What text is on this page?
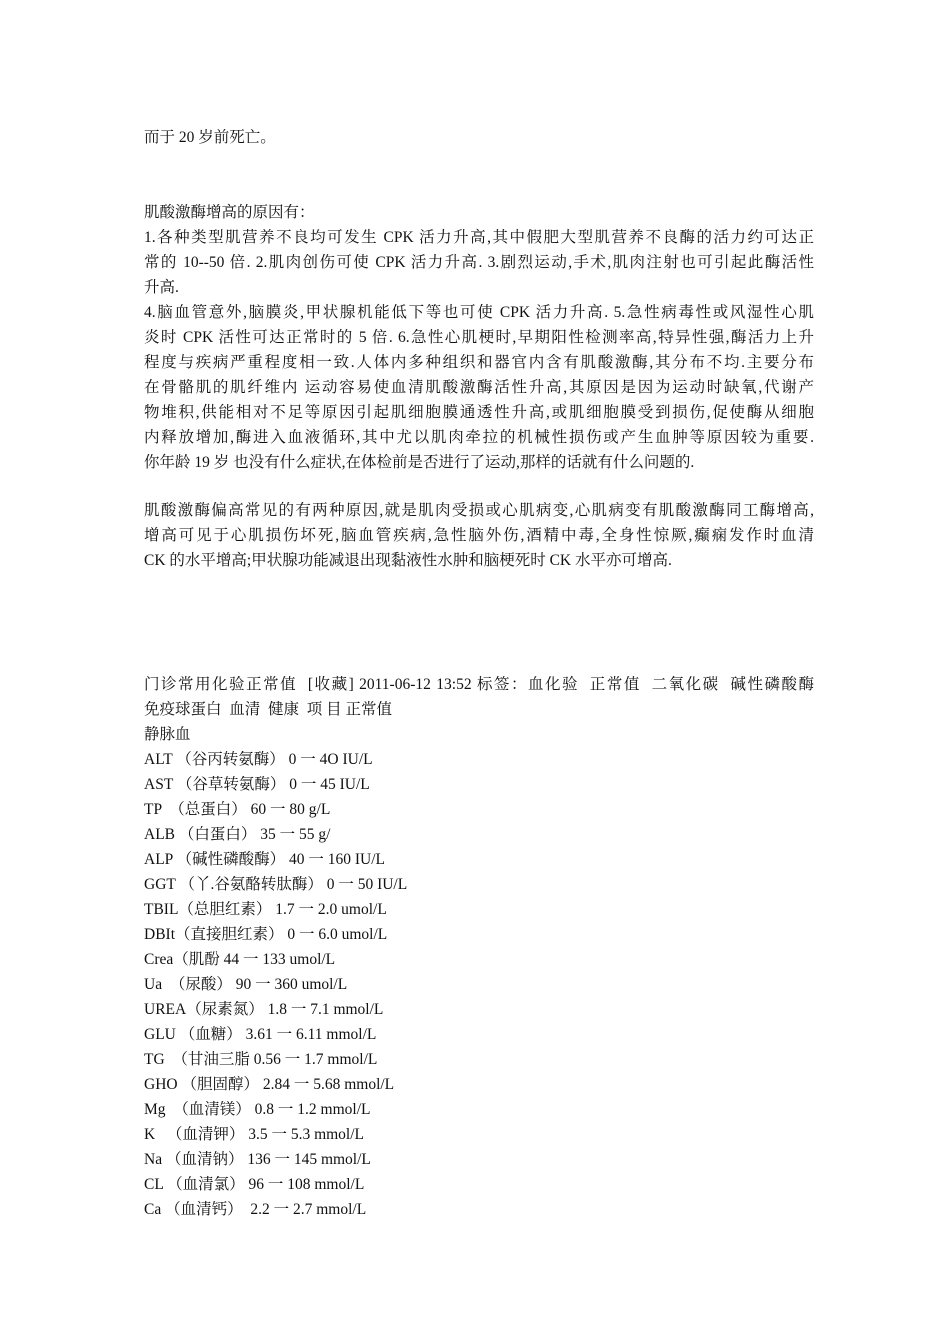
而于 20 岁前死亡。
肌酸激酶增高的原因有：
1.各种类型肌营养不良均可发生 CPK 活力升高,其中假肥大型肌营养不良酶的活力约可达正
常的 10--50 倍. 2.肌肉创伤可使 CPK 活力升高. 3.剧烈运动,手术,肌肉注射也可引起此酶活性
升高.
4.脑血管意外,脑膜炎,甲状腺机能低下等也可使 CPK 活力升高. 5.急性病毒性或风湿性心肌
炎时 CPK 活性可达正常时的 5 倍. 6.急性心肌梗时,早期阳性检测率高,特异性强,酶活力上升
程度与疾病严重程度相一致.人体内多种组织和器官内含有肌酸激酶,其分布不均.主要分布
在骨骼肌的肌纤维内 运动容易使血清肌酸激酶活性升高,其原因是因为运动时缺氧,代谢产
物堆积,供能相对不足等原因引起肌细胞膜通透性升高,或肌细胞膜受到损伤,促使酶从细胞
内释放增加,酶进入血液循环,其中尤以肌肉牵拉的机械性损伤或产生血肿等原因较为重要.
你年龄 19 岁 也没有什么症状,在体检前是否进行了运动,那样的话就有什么问题的.
肌酸激酶偏高常见的有两种原因,就是肌肉受损或心肌病变,心肌病变有肌酸激酶同工酶增高,
增高可见于心肌损伤坏死,脑血管疾病,急性脑外伤,酒精中毒,全身性惊厥,癫痫发作时血清
CK 的水平增高;甲状腺功能减退出现黏液性水肿和脑梗死时 CK 水平亦可增高.
门诊常用化验正常值  [收藏] 2011-06-12 13:52 标签：血化验  正常值  二氧化碳  碱性磷酸酶
免疫球蛋白  血清  健康  项 目 正常值
静脉血
ALT （谷丙转氨酶） 0 一 4O IU/L
AST （谷草转氨酶） 0 一 45 IU/L
TP  （总蛋白） 60 一 80 g/L
ALB （白蛋白） 35 一 55 g/
ALP （碱性磷酸酶） 40 一 160 IU/L
GGT （丫.谷氨酪转肽酶） 0 一 50 IU/L
TBIL（总胆红素） 1.7 一 2.0 umol/L
DBIt（直接胆红素） 0 一 6.0 umol/L
Crea（肌酚 44 一 133 umol/L
Ua  （尿酸） 90 一 360 umol/L
UREA（尿素氮） 1.8 一 7.1 mmol/L
GLU （血糖） 3.61 一 6.11 mmol/L
TG  （甘油三脂 0.56 一 1.7 mmol/L
GHO （胆固醇） 2.84 一 5.68 mmol/L
Mg  （血清镁） 0.8 一 1.2 mmol/L
K   （血清钾） 3.5 一 5.3 mmol/L
Na （血清钠） 136 一 145 mmol/L
CL （血清氯） 96 一 108 mmol/L
Ca （血清钙）  2.2 一 2.7 mmol/L
